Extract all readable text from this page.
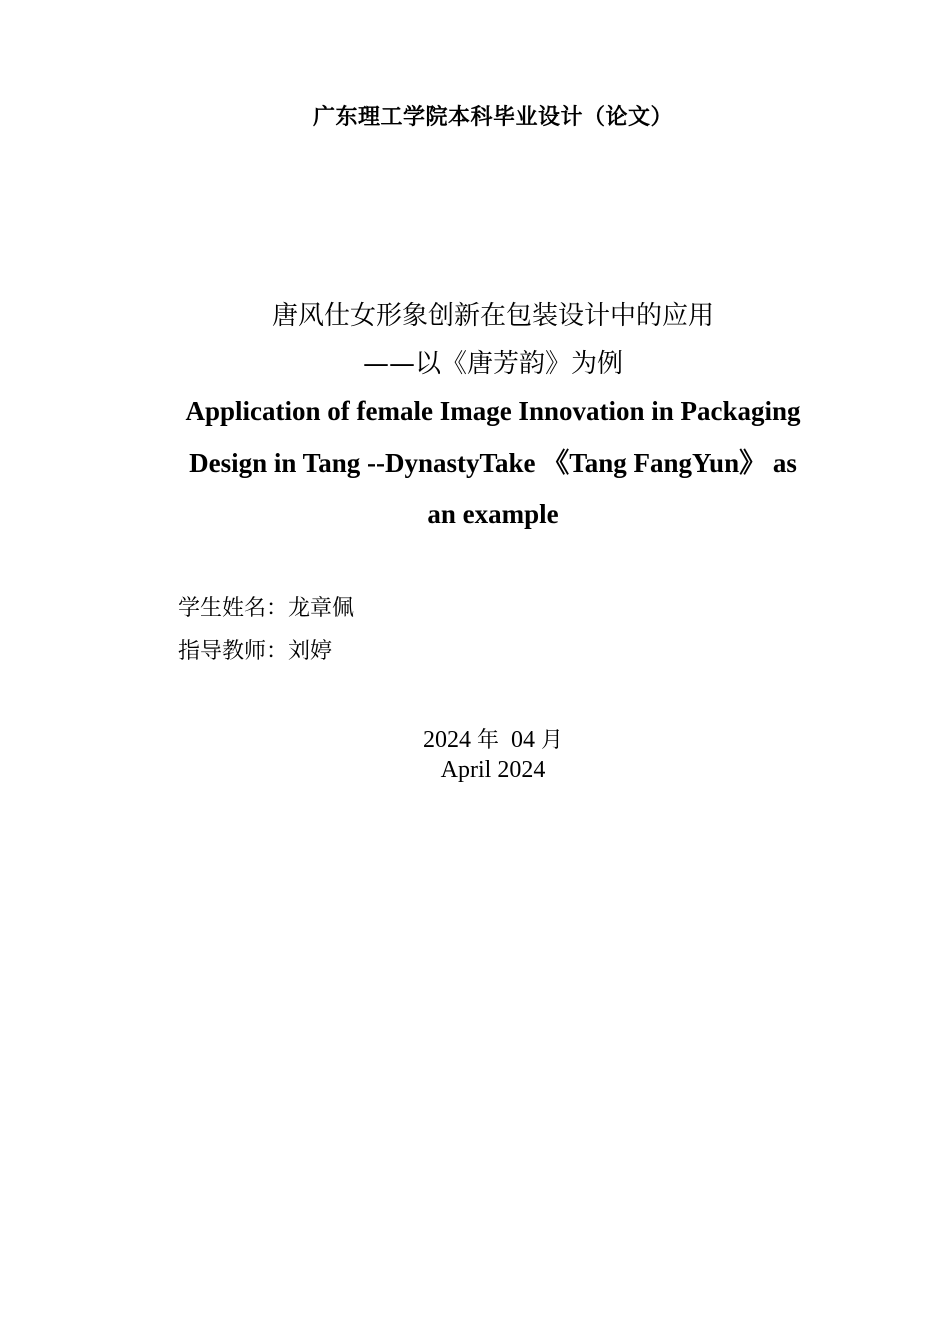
广东理工学院本科毕业设计（论文）
唐风仕女形象创新在包装设计中的应用
——以《唐芳韵》为例
Application of female Image Innovation in Packaging Design in Tang --DynastyTake 《Tang FangYun》 as an example
学生姓名：龙章佩
指导教师：刘婷
2024 年 04 月
April 2024
